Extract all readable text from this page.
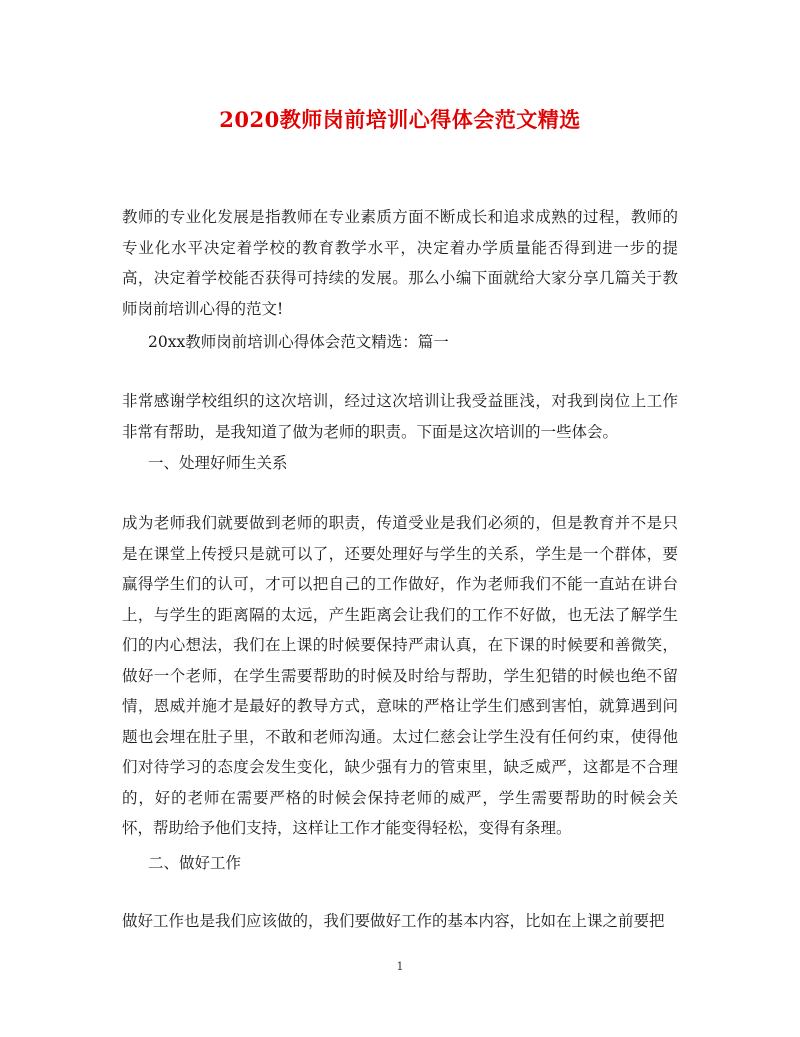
2020教师岗前培训心得体会范文精选

教师的专业化发展是指教师在专业素质方面不断成长和追求成熟的过程，教师的专业化水平决定着学校的教育教学水平，决定着办学质量能否得到进一步的提高，决定着学校能否获得可持续的发展。那么小编下面就给大家分享几篇关于教师岗前培训心得的范文!

20xx教师岗前培训心得体会范文精选：篇一

非常感谢学校组织的这次培训，经过这次培训让我受益匪浅，对我到岗位上工作非常有帮助，是我知道了做为老师的职责。下面是这次培训的一些体会。

一、处理好师生关系

成为老师我们就要做到老师的职责，传道受业是我们必须的，但是教育并不是只是在课堂上传授只是就可以了，还要处理好与学生的关系，学生是一个群体，要赢得学生们的认可，才可以把自己的工作做好，作为老师我们不能一直站在讲台上，与学生的距离隔的太远，产生距离会让我们的工作不好做，也无法了解学生们的内心想法，我们在上课的时候要保持严肃认真，在下课的时候要和善微笑，做好一个老师，在学生需要帮助的时候及时给与帮助，学生犯错的时候也绝不留情，恩威并施才是最好的教导方式，意味的严格让学生们感到害怕，就算遇到问题也会埋在肚子里，不敢和老师沟通。太过仁慈会让学生没有任何约束，使得他们对待学习的态度会发生变化，缺少强有力的管束里，缺乏威严，这都是不合理的，好的老师在需要严格的时候会保持老师的威严，学生需要帮助的时候会关怀，帮助给予他们支持，这样让工作才能变得轻松，变得有条理。

二、做好工作

做好工作也是我们应该做的，我们要做好工作的基本内容，比如在上课之前要把

1
